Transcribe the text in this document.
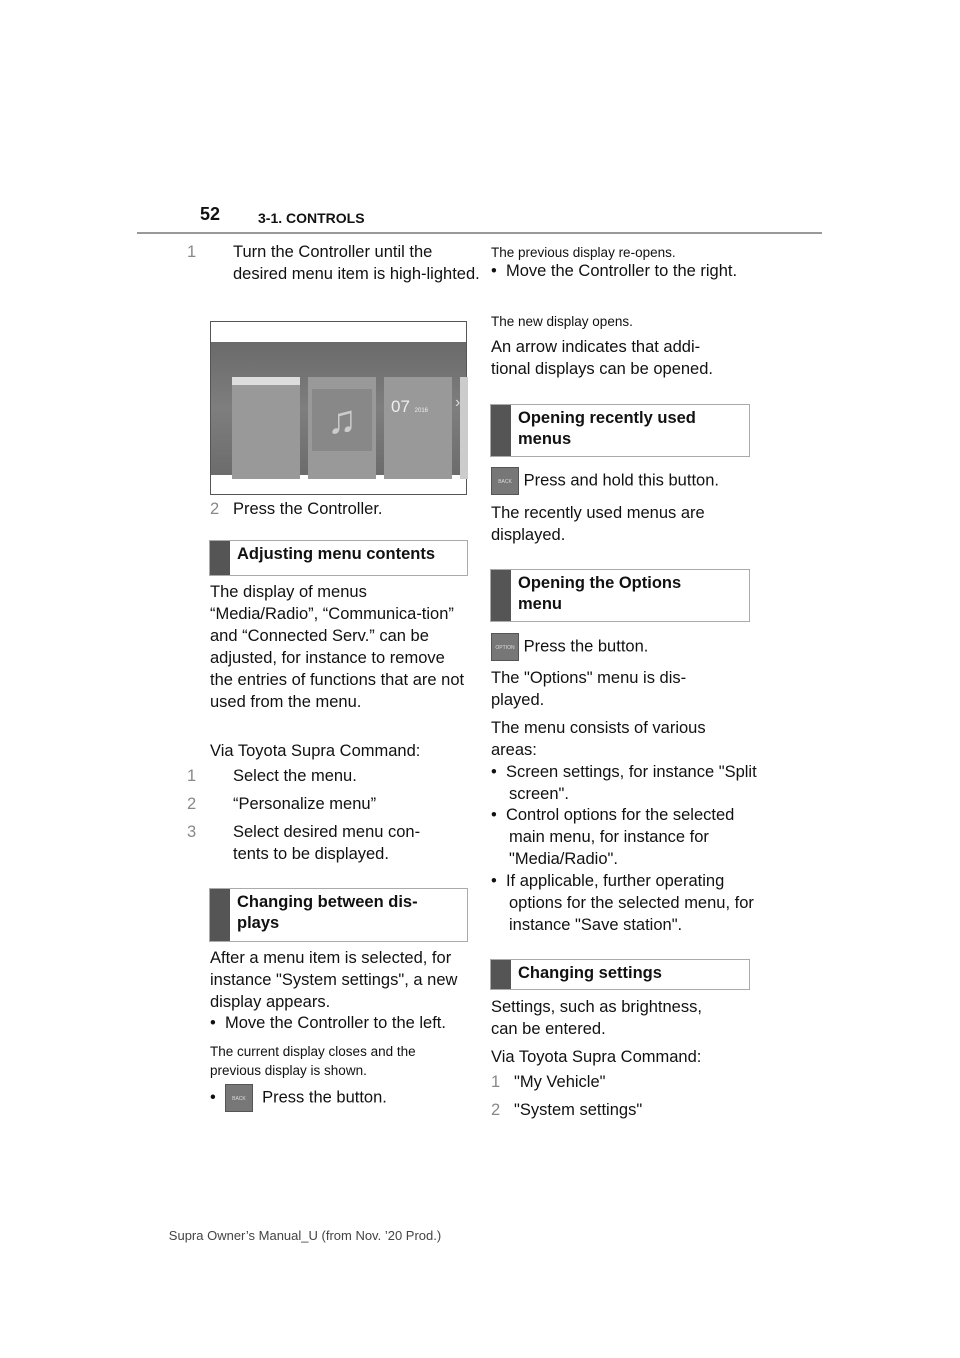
52	3-1. CONTROLS
1 Turn the Controller until the desired menu item is high-lighted.
♫	07 2016	›
2 Press the Controller.
Adjusting menu contents
The display of menus “Media/Radio”, “Communica-tion” and “Connected Serv.” can be adjusted, for instance to remove the entries of functions that are not used from the menu.
Via Toyota Supra Command:
1 Select the menu.
2 “Personalize menu”
3 Select desired menu con-tents to be displayed.
Changing between dis-plays
After a menu item is selected, for instance "System settings", a new display appears.
•  Move the Controller to the left.
The current display closes and the previous display is shown.
•  BACK Press the button.
The previous display re-opens.
•  Move the Controller to the right.
The new display opens.
An arrow indicates that addi-tional displays can be opened.
Opening recently used menus
BACK Press and hold this button.
The recently used menus are displayed.
Opening the Options menu
OPTION Press the button.
The "Options" menu is dis-played.
The menu consists of various areas:
•  Screen settings, for instance "Split screen".
•  Control options for the selected main menu, for instance for "Media/Radio".
•  If applicable, further operating options for the selected menu, for instance "Save station".
Changing settings
Settings, such as brightness, can be entered.
Via Toyota Supra Command:
1 "My Vehicle"
2 "System settings"
Supra Owner’s Manual_U (from Nov. ’20 Prod.)
